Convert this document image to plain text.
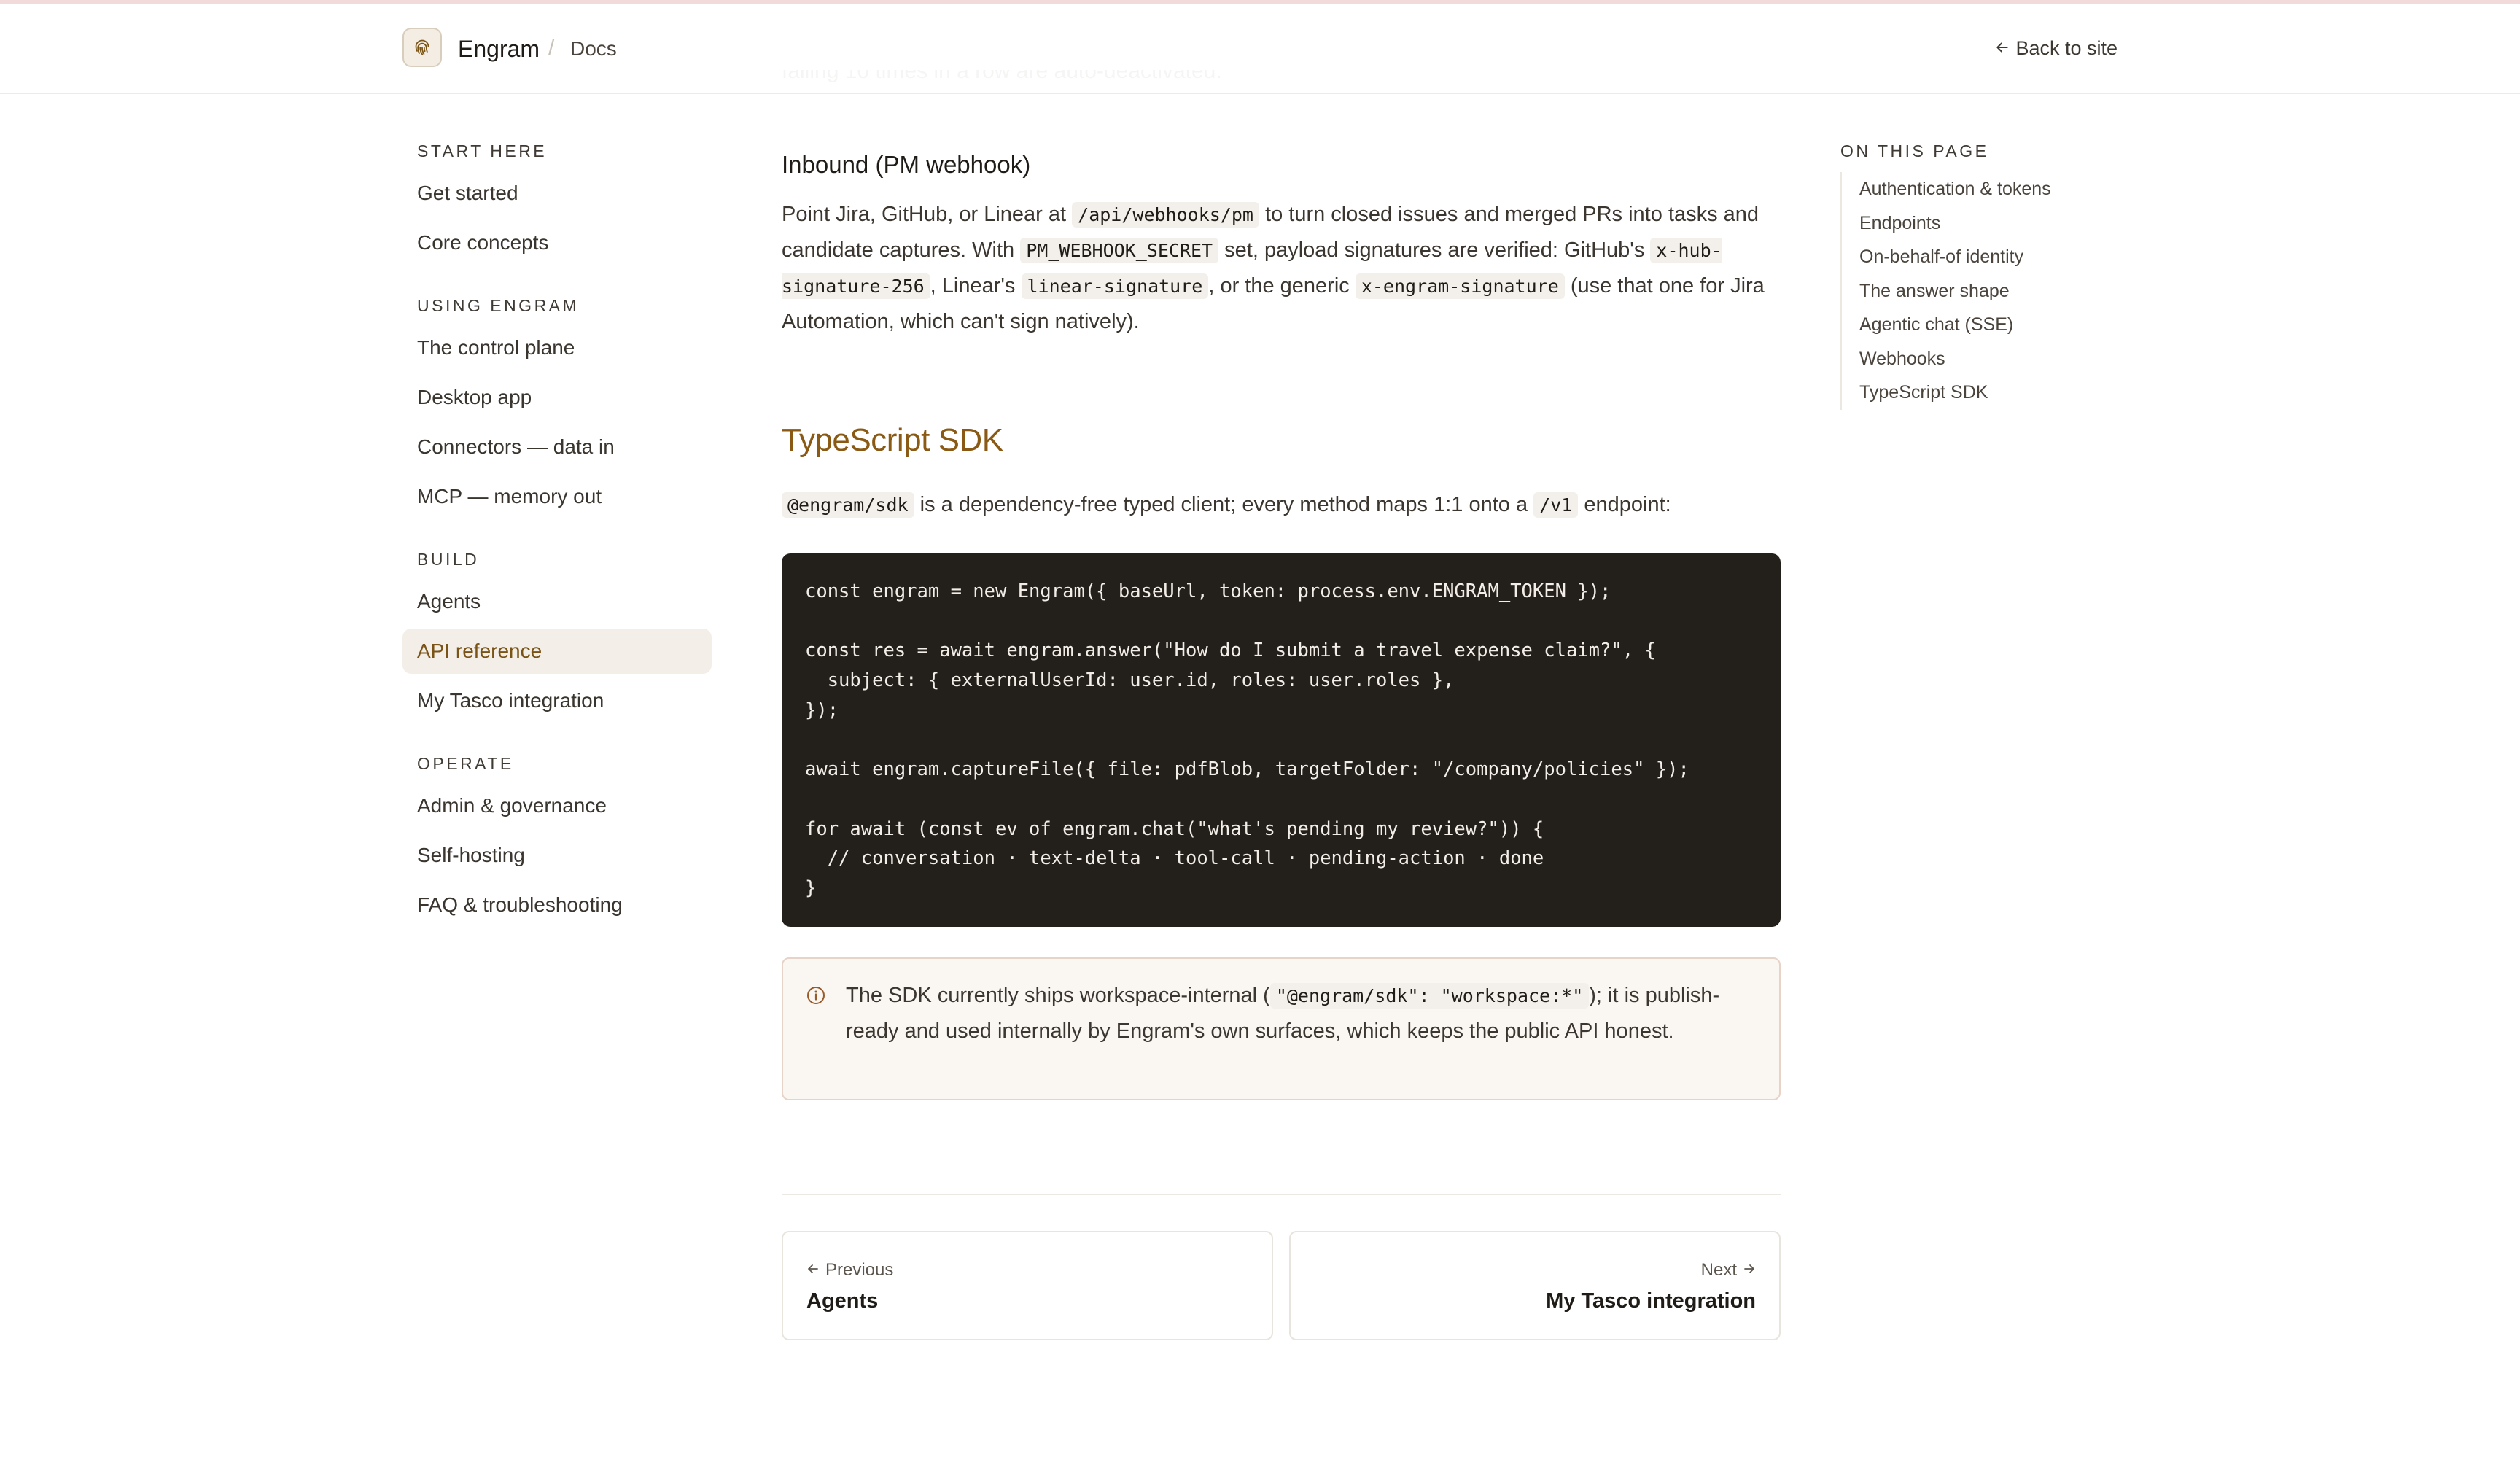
Inbound (PM webhook)

Point Jira, GitHub, or Linear at /api/webhooks/pm to turn closed issues and merged PRs into tasks and candidate captures. With PM_WEBHOOK_SECRET set, payload signatures are verified: GitHub's x-hub-signature-256 , Linear's linear-signature , or the generic x-engram-signature (use that one for Jira Automation, which can't sign natively).

TypeScript SDK

@engram/sdk is a dependency-free typed client; every method maps 1:1 onto a /v1 endpoint:

const engram = new Engram({ baseUrl, token: process.env.ENGRAM_TOKEN });
const res = await engram.answer("How do I submit a travel expense claim?", {
subject: { externalUserId: user.id, roles: user.roles },
});
await engram.captureFile({ file: pdfBlob, targetFolder: "/company/policies" });
for await (const ev of engram.chat("what's pending my review?")) {
// conversation · text-delta · tool-call · pending-action · done
}

The SDK currently ships workspace-internal ( "@engram/sdk": "workspace:*" ); it is publish-ready and used internally by Engram's own surfaces, which keeps the public API honest.

Previous
Agents
Next
My Tasco integration
Engram / Docs	Back to site
START HERE
Get started
Core concepts
USING ENGRAM
The control plane
Desktop app
Connectors — data in
MCP — memory out
BUILD
Agents
API reference
My Tasco integration
OPERATE
Admin & governance
Self-hosting
FAQ & troubleshooting
ON THIS PAGE
Authentication & tokens
Endpoints
On-behalf-of identity
The answer shape
Agentic chat (SSE)
Webhooks
TypeScript SDK
